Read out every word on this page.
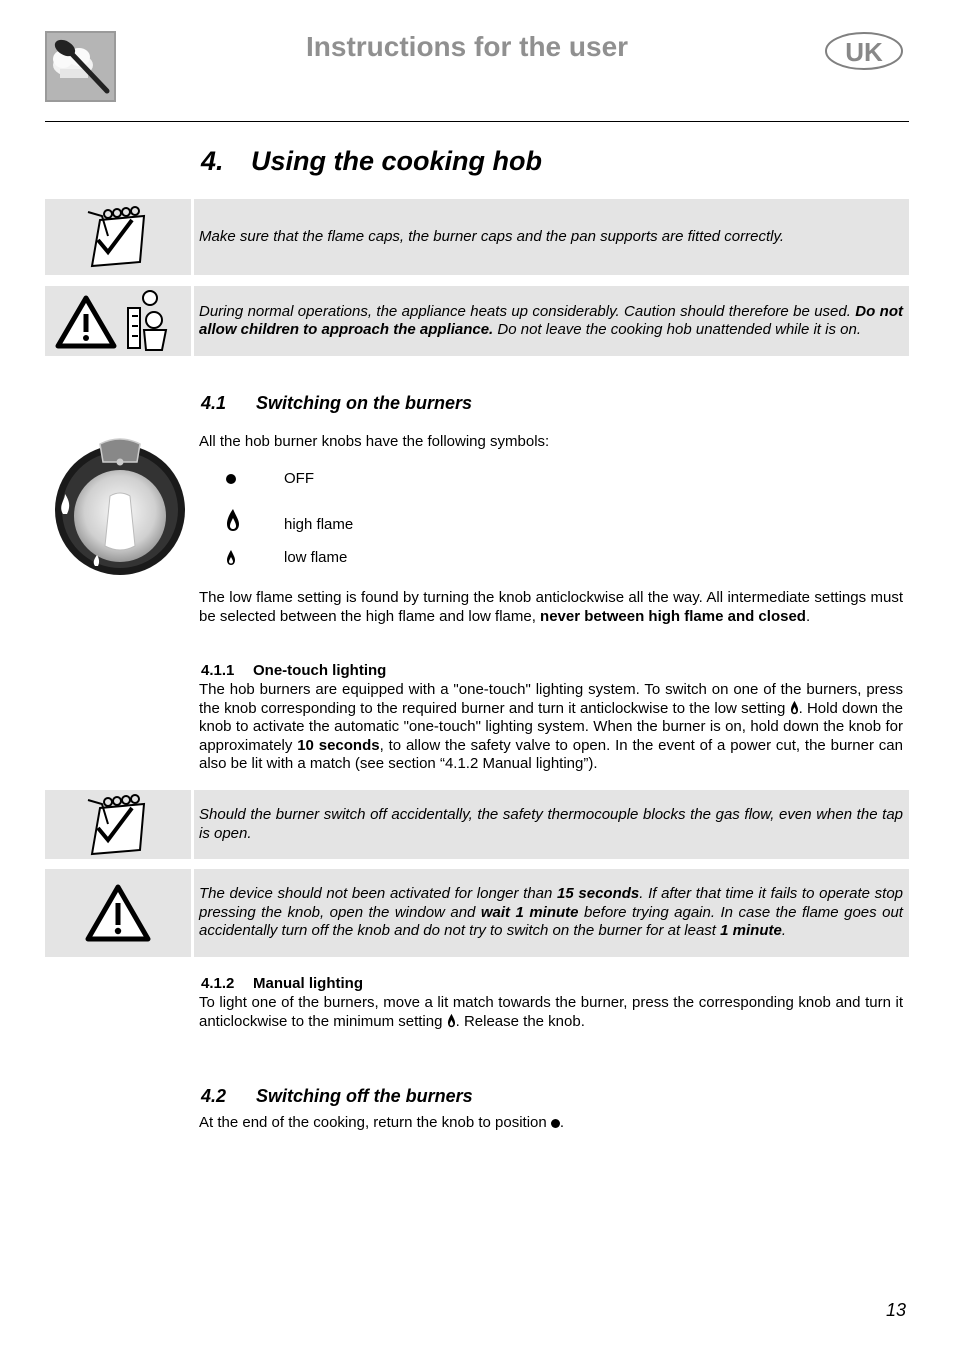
Instructions for the user	UK
4. Using the cooking hob
Make sure that the flame caps, the burner caps and the pan supports are fitted correctly.
During normal operations, the appliance heats up considerably. Caution should therefore be used. Do not allow children to approach the appliance. Do not leave the cooking hob unattended while it is on.
4.1 Switching on the burners
All the hob burner knobs have the following symbols:
OFF
high flame
low flame
The low flame setting is found by turning the knob anticlockwise all the way. All intermediate settings must be selected between the high flame and low flame, never between high flame and closed.
4.1.1 One-touch lighting
The hob burners are equipped with a "one-touch" lighting system. To switch on one of the burners, press the knob corresponding to the required burner and turn it anticlockwise to the low setting . Hold down the knob to activate the automatic "one-touch" lighting system. When the burner is on, hold down the knob for approximately 10 seconds, to allow the safety valve to open. In the event of a power cut, the burner can also be lit with a match (see section “4.1.2 Manual lighting”).
Should the burner switch off accidentally, the safety thermocouple blocks the gas flow, even when the tap is open.
The device should not been activated for longer than 15 seconds. If after that time it fails to operate stop pressing the knob, open the window and wait 1 minute before trying again. In case the flame goes out accidentally turn off the knob and do not try to switch on the burner for at least 1 minute.
4.1.2 Manual lighting
To light one of the burners, move a lit match towards the burner, press the corresponding knob and turn it anticlockwise to the minimum setting . Release the knob.
4.2 Switching off the burners
At the end of the cooking, return the knob to position .
13
